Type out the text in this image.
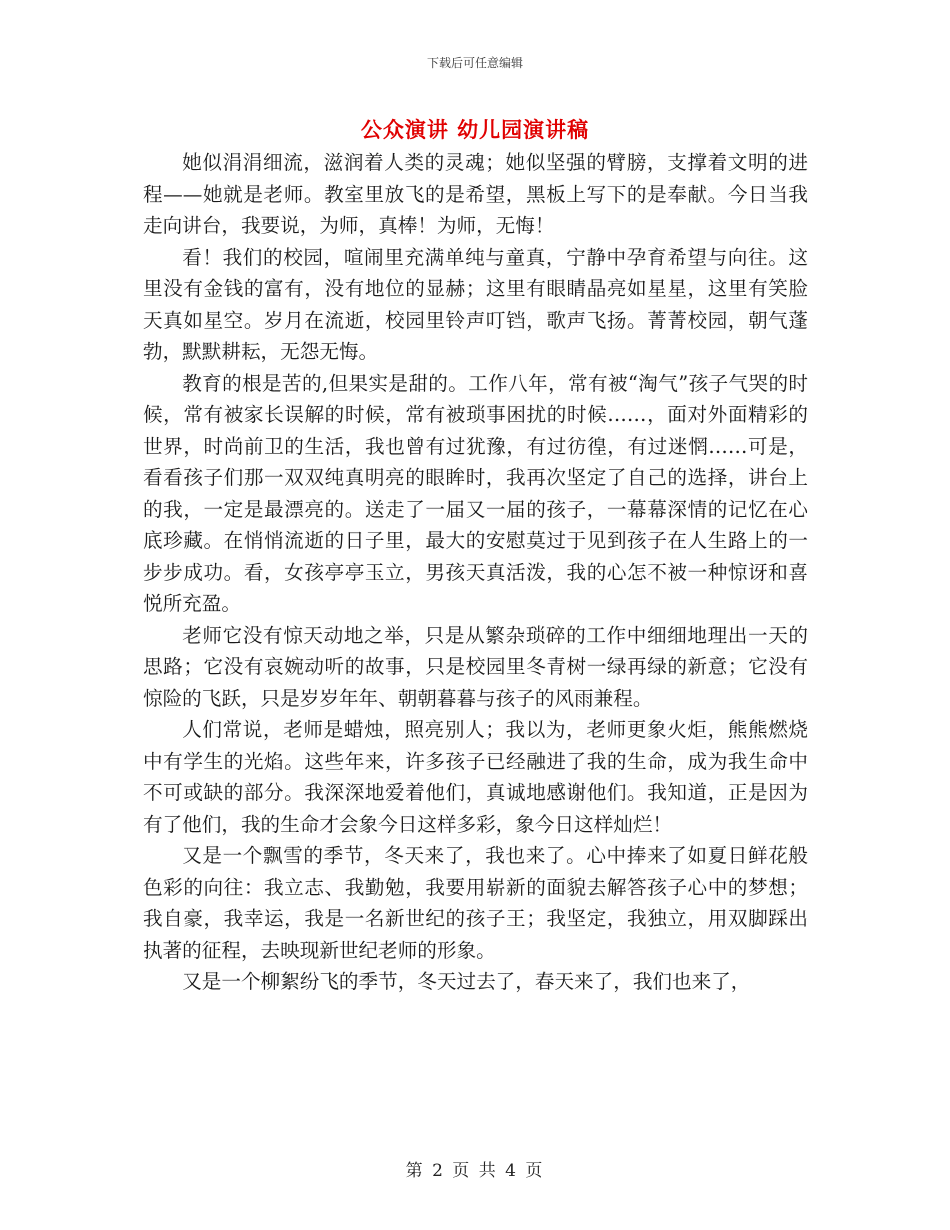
下载后可任意编辑
公众演讲 幼儿园演讲稿

她似涓涓细流，滋润着人类的灵魂；她似坚强的臂膀，支撑着文明的进程——她就是老师。教室里放飞的是希望，黑板上写下的是奉献。今日当我走向讲台，我要说，为师，真棒！为师，无悔！

看！我们的校园，喧闹里充满单纯与童真，宁静中孕育希望与向往。这里没有金钱的富有，没有地位的显赫；这里有眼睛晶亮如星星，这里有笑脸天真如星空。岁月在流逝，校园里铃声叮铛，歌声飞扬。菁菁校园，朝气蓬勃，默默耕耘，无怨无悔。

教育的根是苦的,但果实是甜的。工作八年，常有被“淘气”孩子气哭的时候，常有被家长误解的时候，常有被琐事困扰的时候……，面对外面精彩的世界，时尚前卫的生活，我也曾有过犹豫，有过彷徨，有过迷惘……可是，看看孩子们那一双双纯真明亮的眼眸时，我再次坚定了自己的选择，讲台上的我，一定是最漂亮的。送走了一届又一届的孩子，一幕幕深情的记忆在心底珍藏。在悄悄流逝的日子里，最大的安慰莫过于见到孩子在人生路上的一步步成功。看，女孩亭亭玉立，男孩天真活泼，我的心怎不被一种惊讶和喜悦所充盈。

老师它没有惊天动地之举，只是从繁杂琐碎的工作中细细地理出一天的思路；它没有哀婉动听的故事，只是校园里冬青树一绿再绿的新意；它没有惊险的飞跃，只是岁岁年年、朝朝暮暮与孩子的风雨兼程。

人们常说，老师是蜡烛，照亮别人；我以为，老师更象火炬，熊熊燃烧中有学生的光焰。这些年来，许多孩子已经融进了我的生命，成为我生命中不可或缺的部分。我深深地爱着他们，真诚地感谢他们。我知道，正是因为有了他们，我的生命才会象今日这样多彩，象今日这样灿烂！

又是一个飘雪的季节，冬天来了，我也来了。心中捧来了如夏日鲜花般色彩的向往：我立志、我勤勉，我要用崭新的面貌去解答孩子心中的梦想；我自豪，我幸运，我是一名新世纪的孩子王；我坚定，我独立，用双脚踩出执著的征程，去映现新世纪老师的形象。

又是一个柳絮纷飞的季节，冬天过去了，春天来了，我们也来了，

第 2 页 共 4 页
